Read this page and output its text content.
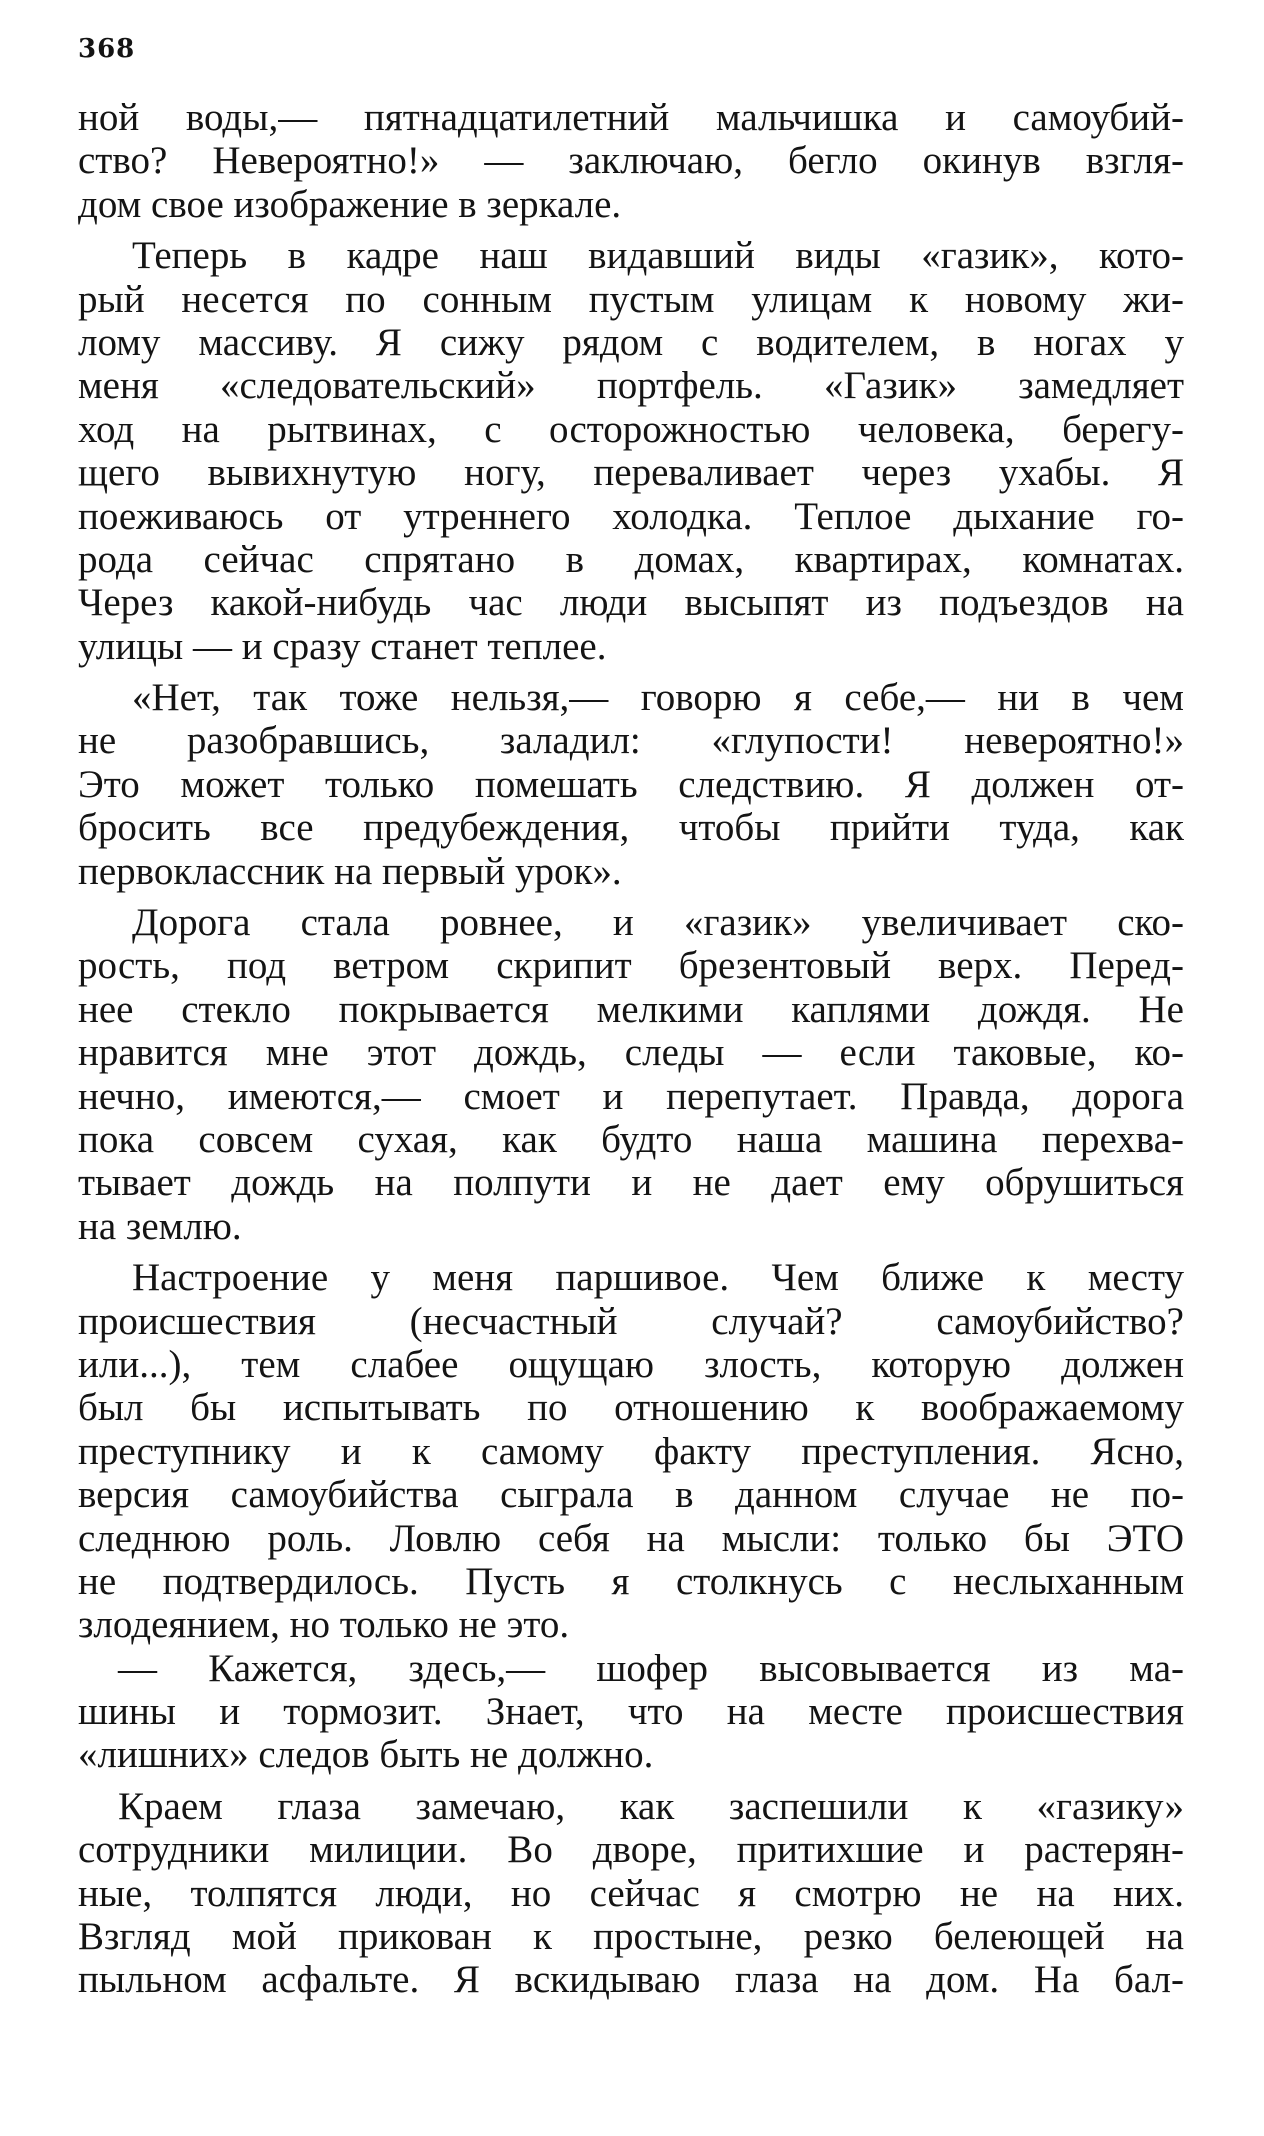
368

ной воды,— пятнадцатилетний мальчишка и самоубий-
ство? Невероятно!» — заключаю, бегло окинув взгля-
дом свое изображение в зеркале.
Теперь в кадре наш видавший виды «газик», кото-
рый несется по сонным пустым улицам к новому жи-
лому массиву. Я сижу рядом с водителем, в ногах у
меня «следовательский» портфель. «Газик» замедляет
ход на рытвинах, с осторожностью человека, берегу-
щего вывихнутую ногу, переваливает через ухабы. Я
поеживаюсь от утреннего холодка. Теплое дыхание го-
рода сейчас спрятано в домах, квартирах, комнатах.
Через какой-нибудь час люди высыпят из подъездов на
улицы — и сразу станет теплее.
«Нет, так тоже нельзя,— говорю я себе,— ни в чем
не разобравшись, заладил: «глупости! невероятно!»
Это может только помешать следствию. Я должен от-
бросить все предубеждения, чтобы прийти туда, как
первоклассник на первый урок».
Дорога стала ровнее, и «газик» увеличивает ско-
рость, под ветром скрипит брезентовый верх. Перед-
нее стекло покрывается мелкими каплями дождя. Не
нравится мне этот дождь, следы — если таковые, ко-
нечно, имеются,— смоет и перепутает. Правда, дорога
пока совсем сухая, как будто наша машина перехва-
тывает дождь на полпути и не дает ему обрушиться
на землю.
Настроение у меня паршивое. Чем ближе к месту
происшествия (несчастный случай? самоубийство?
или...), тем слабее ощущаю злость, которую должен
был бы испытывать по отношению к воображаемому
преступнику и к самому факту преступления. Ясно,
версия самоубийства сыграла в данном случае не по-
следнюю роль. Ловлю себя на мысли: только бы ЭТО
не подтвердилось. Пусть я столкнусь с неслыханным
злодеянием, но только не это.
— Кажется, здесь,— шофер высовывается из ма-
шины и тормозит. Знает, что на месте происшествия
«лишних» следов быть не должно.
Краем глаза замечаю, как заспешили к «газику»
сотрудники милиции. Во дворе, притихшие и растерян-
ные, толпятся люди, но сейчас я смотрю не на них.
Взгляд мой прикован к простыне, резко белеющей на
пыльном асфальте. Я вскидываю глаза на дом. На бал-
